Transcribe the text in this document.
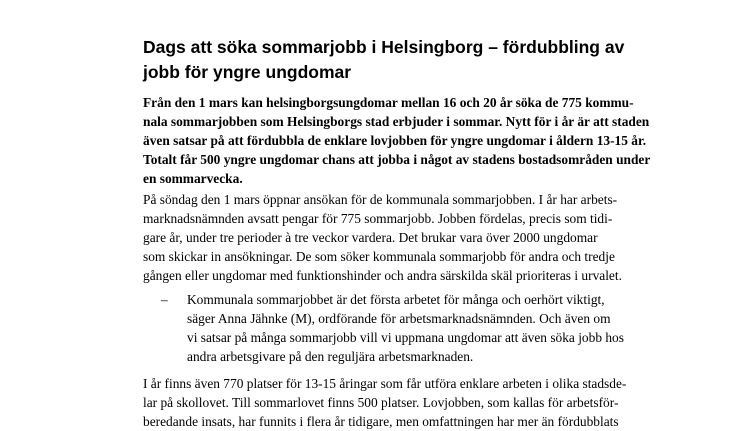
Dags att söka sommarjobb i Helsingborg – fördubbling av
jobb för yngre ungdomar

Från den 1 mars kan helsingborgsungdomar mellan 16 och 20 år söka de 775 kommu-
nala sommarjobben som Helsingborgs stad erbjuder i sommar. Nytt för i år är att staden
även satsar på att fördubbla de enklare lovjobben för yngre ungdomar i åldern 13-15 år.
Totalt får 500 yngre ungdomar chans att jobba i något av stadens bostadsområden under
en sommarvecka.

På söndag den 1 mars öppnar ansökan för de kommunala sommarjobben. I år har arbets-
marknadsnämnden avsatt pengar för 775 sommarjobb. Jobben fördelas, precis som tidi-
gare år, under tre perioder à tre veckor vardera. Det brukar vara över 2000 ungdomar
som skickar in ansökningar. De som söker kommunala sommarjobb för andra och tredje
gången eller ungdomar med funktionshinder och andra särskilda skäl prioriteras i urvalet.

– Kommunala sommarjobbet är det första arbetet för många och oerhört viktigt,
säger Anna Jähnke (M), ordförande för arbetsmarknadsnämnden. Och även om
vi satsar på många sommarjobb vill vi uppmana ungdomar att även söka jobb hos
andra arbetsgivare på den reguljära arbetsmarknaden.

I år finns även 770 platser för 13-15 åringar som får utföra enklare arbeten i olika stadsde-
lar på skollovet. Till sommarlovet finns 500 platser. Lovjobben, som kallas för arbetsför-
beredande insats, har funnits i flera år tidigare, men omfattningen har mer än fördubblats
